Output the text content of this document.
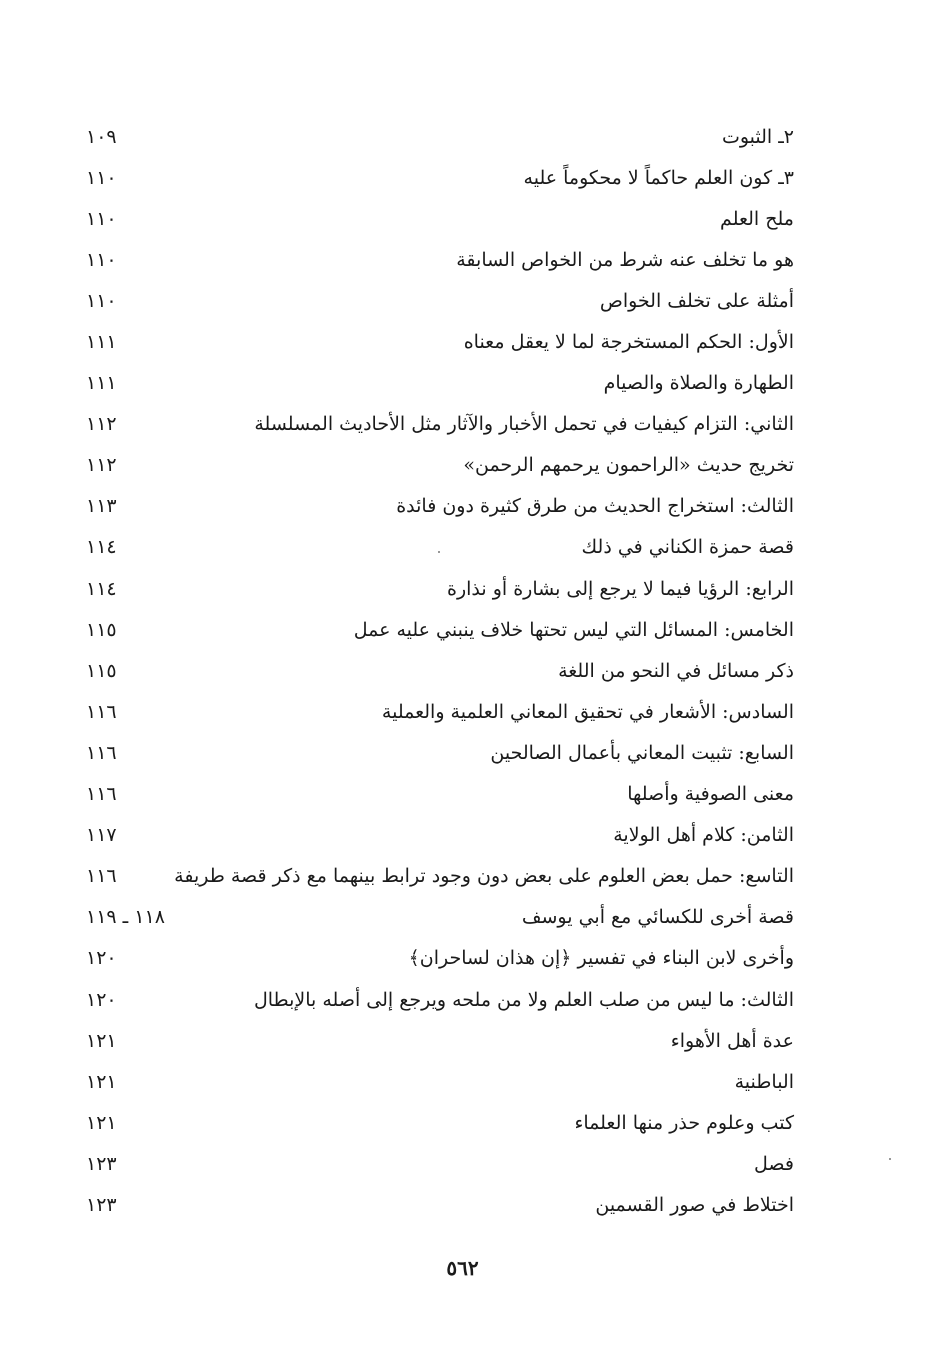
١٠٩	٢ـ الثبوت
١١٠	٣ـ كون العلم حاكماً لا محكوماً عليه
١١٠	ملح العلم
١١٠	هو ما تخلف عنه شرط من الخواص السابقة
١١٠	أمثلة على تخلف الخواص
١١١	الأول: الحكم المستخرجة لما لا يعقل معناه
١١١	الطهارة والصلاة والصيام
١١٢	الثاني: التزام كيفيات في تحمل الأخبار والآثار مثل الأحاديث المسلسلة
١١٢	تخريج حديث «الراحمون يرحمهم الرحمن»
١١٣	الثالث: استخراج الحديث من طرق كثيرة دون فائدة
١١٤	قصة حمزة الكناني في ذلك
١١٤	الرابع: الرؤيا فيما لا يرجع إلى بشارة أو نذارة
١١٥	الخامس: المسائل التي ليس تحتها خلاف ينبني عليه عمل
١١٥	ذكر مسائل في النحو من اللغة
١١٦	السادس: الأشعار في تحقيق المعاني العلمية والعملية
١١٦	السابع: تثبيت المعاني بأعمال الصالحين
١١٦	معنى الصوفية وأصلها
١١٧	الثامن: كلام أهل الولاية
١١٦	التاسع: حمل بعض العلوم على بعض دون وجود ترابط بينهما مع ذكر قصة طريفة
١١٨ ـ ١١٩	قصة أخرى للكسائي مع أبي يوسف
١٢٠	وأخرى لابن البناء في تفسير ﴿إن هذان لساحران﴾
١٢٠	الثالث: ما ليس من صلب العلم ولا من ملحه ويرجع إلى أصله بالإبطال
١٢١	عدة أهل الأهواء
١٢١	الباطنية
١٢١	كتب وعلوم حذر منها العلماء
١٢٣	فصل
١٢٣	اختلاط في صور القسمين
٥٦٢
